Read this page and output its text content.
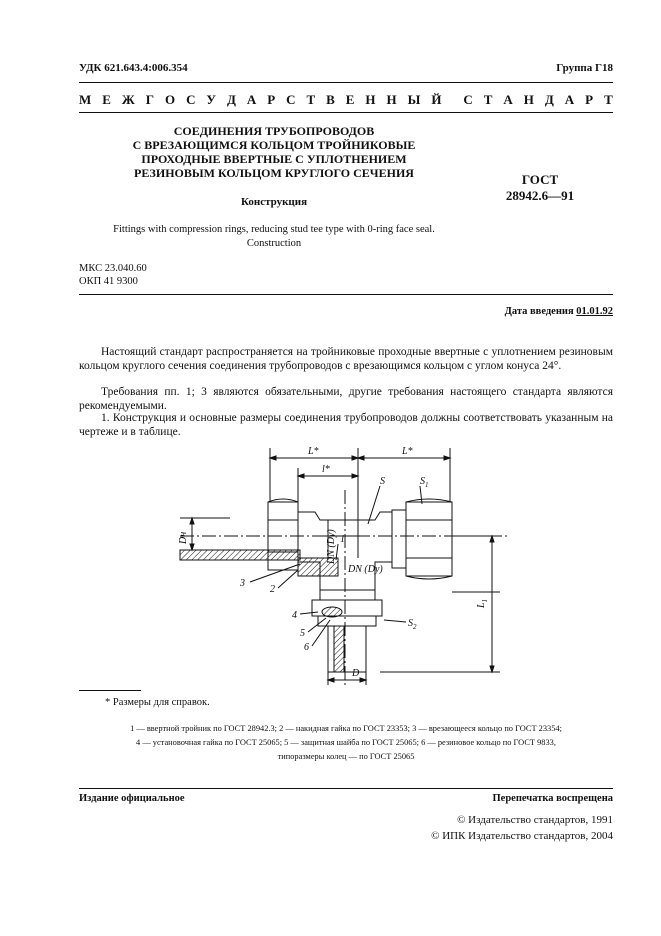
УДК 621.643.4:006.354	Группа Г18
М Е Ж Г О С У Д А Р С Т В Е Н Н Ы Й С Т А Н Д А Р Т
СОЕДИНЕНИЯ ТРУБОПРОВОДОВ
С ВРЕЗАЮЩИМСЯ КОЛЬЦОМ ТРОЙНИКОВЫЕ
ПРОХОДНЫЕ ВВЕРТНЫЕ С УПЛОТНЕНИЕМ
РЕЗИНОВЫМ КОЛЬЦОМ КРУГЛОГО СЕЧЕНИЯ
Конструкция
ГОСТ
28942.6—91
Fittings with compression rings, reducing stud tee type with 0-ring face seal.
Construction
МКС 23.040.60
ОКП 41 9300
Дата введения 01.01.92
Настоящий стандарт распространяется на тройниковые проходные ввертные с уплотнением резиновым кольцом круглого сечения соединения трубопроводов с врезающимся кольцом с углом конуса 24°.
Требования пп. 1; 3 являются обязательными, другие требования настоящего стандарта являются рекомендуемыми.
1. Конструкция и основные размеры соединения трубопроводов должны соответствовать указанным на чертеже и в таблице.
L*	L*
l*
S	$S_1$
$S_2$
Dн	DN (Dу)
DN (Dу)
$L_1$
D
1
2
3
4
5
6
* Размеры для справок.
1 — ввертной тройник по ГОСТ 28942.3; 2 — накидная гайка по ГОСТ 23353; 3 — врезающееся кольцо по ГОСТ 23354;
4 — установочная гайка по ГОСТ 25065; 5 — защитная шайба по ГОСТ 25065; 6 — резиновое кольцо по ГОСТ 9833,
типоразмеры колец — по ГОСТ 25065
Издание официальное	Перепечатка воспрещена
© Издательство стандартов, 1991
© ИПК Издательство стандартов, 2004
